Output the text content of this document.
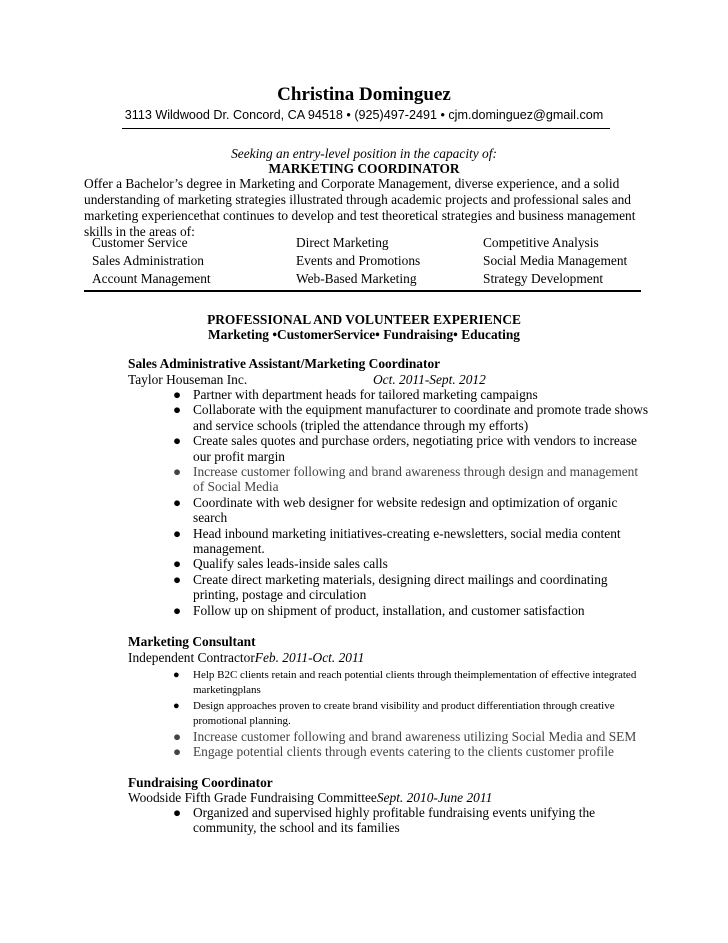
Christina Dominguez
3113 Wildwood Dr. Concord, CA 94518 • (925)497-2491 • cjm.dominguez@gmail.com
Seeking an entry-level position in the capacity of:
MARKETING COORDINATOR
Offer a Bachelor’s degree in Marketing and Corporate Management, diverse experience, and a solid understanding of marketing strategies illustrated through academic projects and professional sales and marketing experiencethat continues to develop and test theoretical strategies and business management skills in the areas of:
Customer Service
Sales Administration
Account Management
Direct Marketing
Events and Promotions
Web-Based Marketing
Competitive Analysis
Social Media Management
Strategy Development
PROFESSIONAL AND VOLUNTEER EXPERIENCE
Marketing •CustomerService• Fundraising• Educating
Sales Administrative Assistant/Marketing Coordinator
Taylor Houseman Inc.	Oct. 2011-Sept. 2012
● Partner with department heads for tailored marketing campaigns
● Collaborate with the equipment manufacturer to coordinate and promote trade shows and service schools (tripled the attendance through my efforts)
● Create sales quotes and purchase orders, negotiating price with vendors to increase our profit margin
● Increase customer following and brand awareness through design and management of Social Media
● Coordinate with web designer for website redesign and optimization of organic search
● Head inbound marketing initiatives-creating e-newsletters, social media content management.
● Qualify sales leads-inside sales calls
● Create direct marketing materials, designing direct mailings and coordinating printing, postage and circulation
● Follow up on shipment of product, installation, and customer satisfaction
Marketing Consultant
Independent ContractorFeb. 2011-Oct. 2011
● Help B2C clients retain and reach potential clients through theimplementation of effective integrated marketingplans
● Design approaches proven to create brand visibility and product differentiation through creative promotional planning.
● Increase customer following and brand awareness utilizing Social Media and SEM
● Engage potential clients through events catering to the clients customer profile
Fundraising Coordinator
Woodside Fifth Grade Fundraising CommitteeSept. 2010-June 2011
● Organized and supervised highly profitable fundraising events unifying the community, the school and its families
